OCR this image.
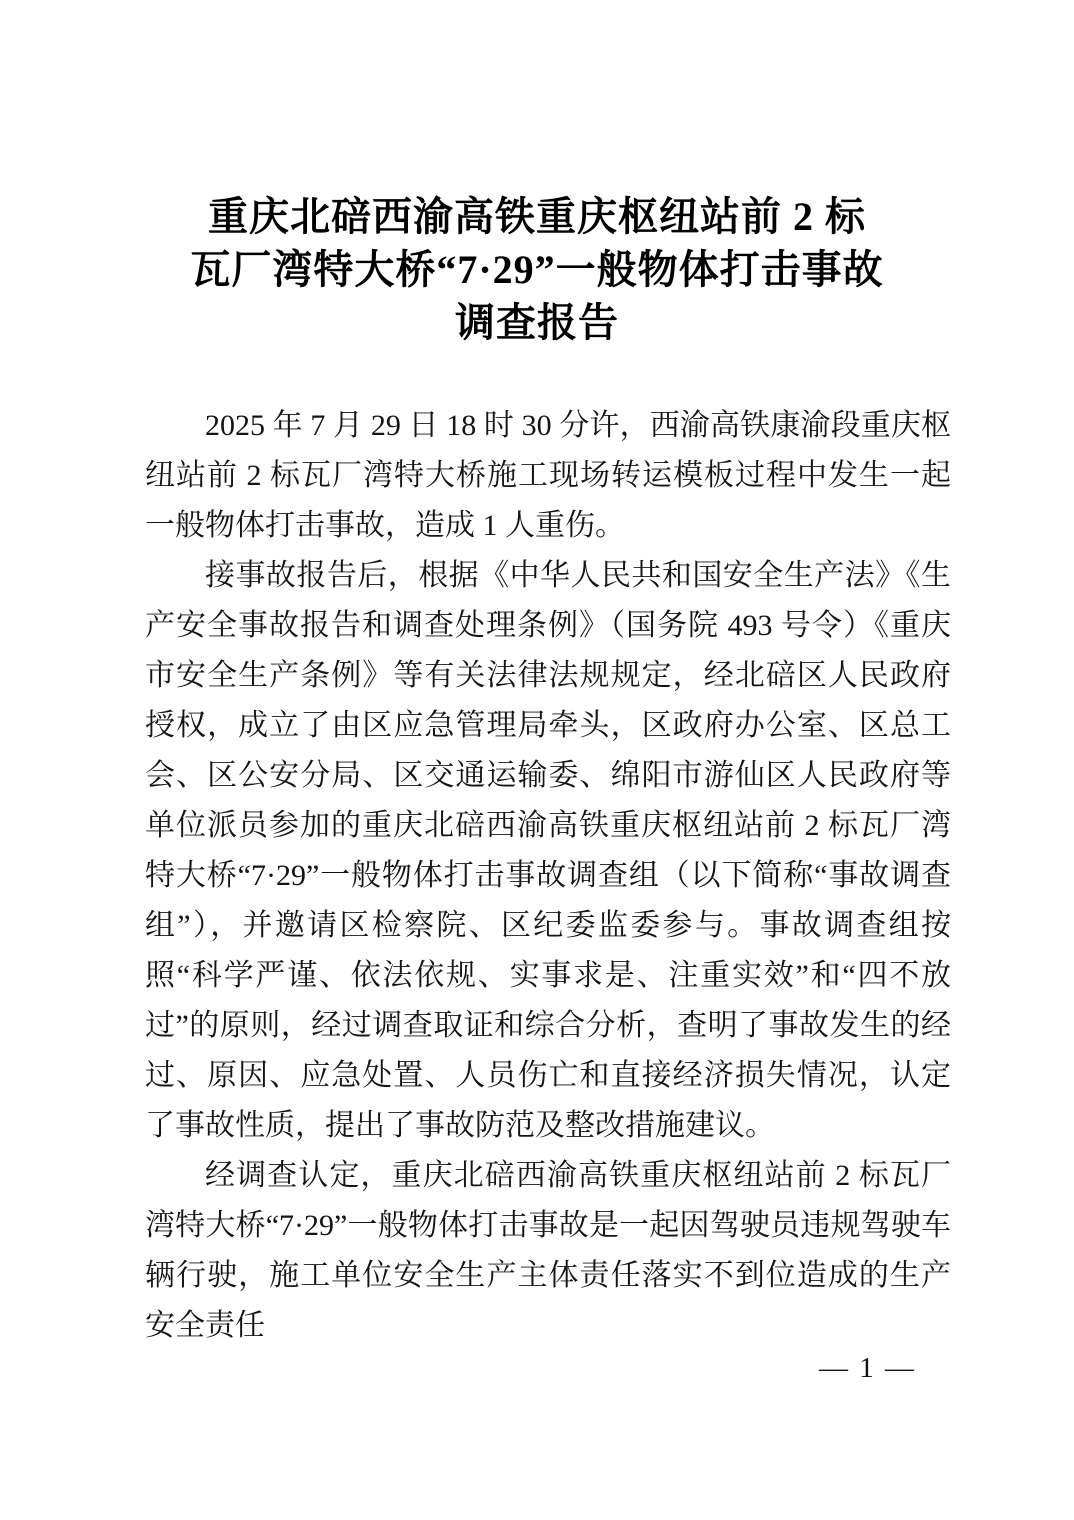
重庆北碚西渝高铁重庆枢纽站前 2 标
瓦厂湾特大桥“7·29”一般物体打击事故
调查报告

2025 年 7 月 29 日 18 时 30 分许，西渝高铁康渝段重庆枢纽站前 2 标瓦厂湾特大桥施工现场转运模板过程中发生一起一般物体打击事故，造成 1 人重伤。

接事故报告后，根据《中华人民共和国安全生产法》《生产安全事故报告和调查处理条例》（国务院 493 号令）《重庆市安全生产条例》等有关法律法规规定，经北碚区人民政府授权，成立了由区应急管理局牵头，区政府办公室、区总工会、区公安分局、区交通运输委、绵阳市游仙区人民政府等单位派员参加的重庆北碚西渝高铁重庆枢纽站前 2 标瓦厂湾特大桥“7·29”一般物体打击事故调查组（以下简称“事故调查组”），并邀请区检察院、区纪委监委参与。事故调查组按照“科学严谨、依法依规、实事求是、注重实效”和“四不放过”的原则，经过调查取证和综合分析，查明了事故发生的经过、原因、应急处置、人员伤亡和直接经济损失情况，认定了事故性质，提出了事故防范及整改措施建议。

经调查认定，重庆北碚西渝高铁重庆枢纽站前 2 标瓦厂湾特大桥“7·29”一般物体打击事故是一起因驾驶员违规驾驶车辆行驶，施工单位安全生产主体责任落实不到位造成的生产安全责任

— 1 —
